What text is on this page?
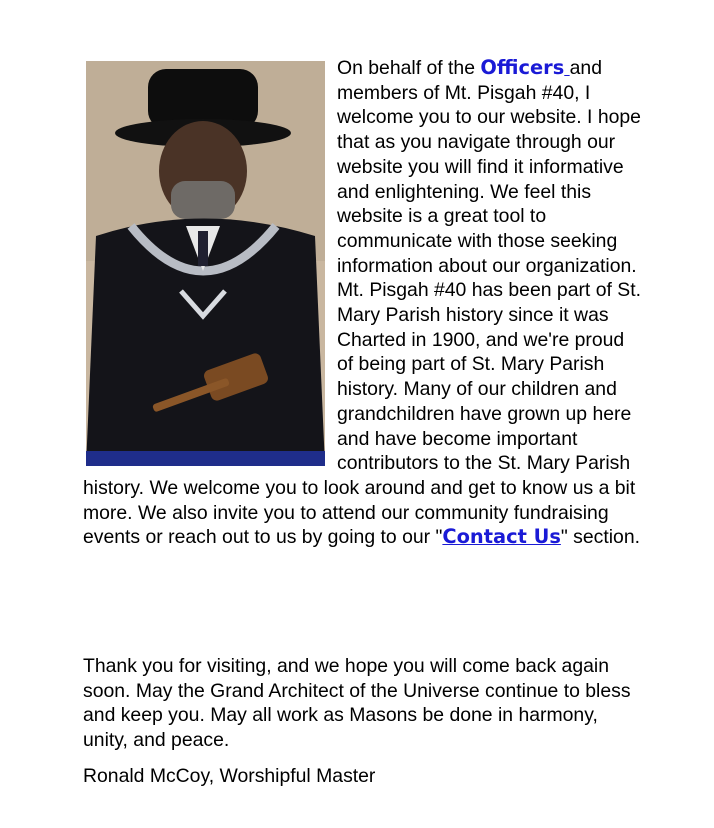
On behalf of the Officers and members of Mt. Pisgah #40, I welcome you to our website. I hope that as you navigate through our website you will find it informative and enlightening. We feel this website is a great tool to communicate with those seeking information about our organization. Mt. Pisgah #40 has been part of St. Mary Parish history since it was Charted in 1900, and we're proud of being part of St. Mary Parish history. Many of our children and grandchildren have grown up here and have become important contributors to the St. Mary Parish history. We welcome you to look around and get to know us a bit more. We also invite you to attend our community fundraising events or reach out to us by going to our "Contact Us" section.

Thank you for visiting, and we hope you will come back again soon. May the Grand Architect of the Universe continue to bless and keep you. May all work as Masons be done in harmony, unity, and peace.

Ronald McCoy, Worshipful Master
